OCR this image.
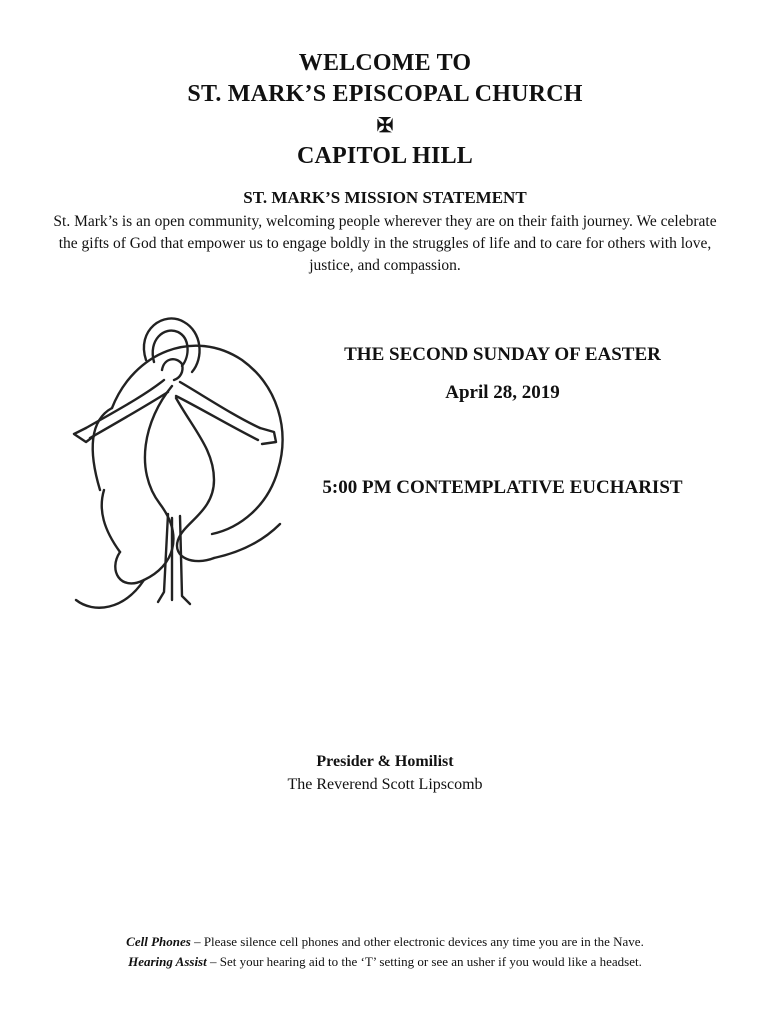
WELCOME TO
ST. MARK’S EPISCOPAL CHURCH
✠
CAPITOL HILL
ST. MARK’S MISSION STATEMENT
St. Mark’s is an open community, welcoming people wherever they are on their faith journey. We celebrate the gifts of God that empower us to engage boldly in the struggles of life and to care for others with love, justice, and compassion.
THE SECOND SUNDAY OF EASTER
April 28, 2019
5:00 PM CONTEMPLATIVE EUCHARIST
Presider & Homilist
The Reverend Scott Lipscomb
Cell Phones – Please silence cell phones and other electronic devices any time you are in the Nave.
Hearing Assist – Set your hearing aid to the ‘T’ setting or see an usher if you would like a headset.
